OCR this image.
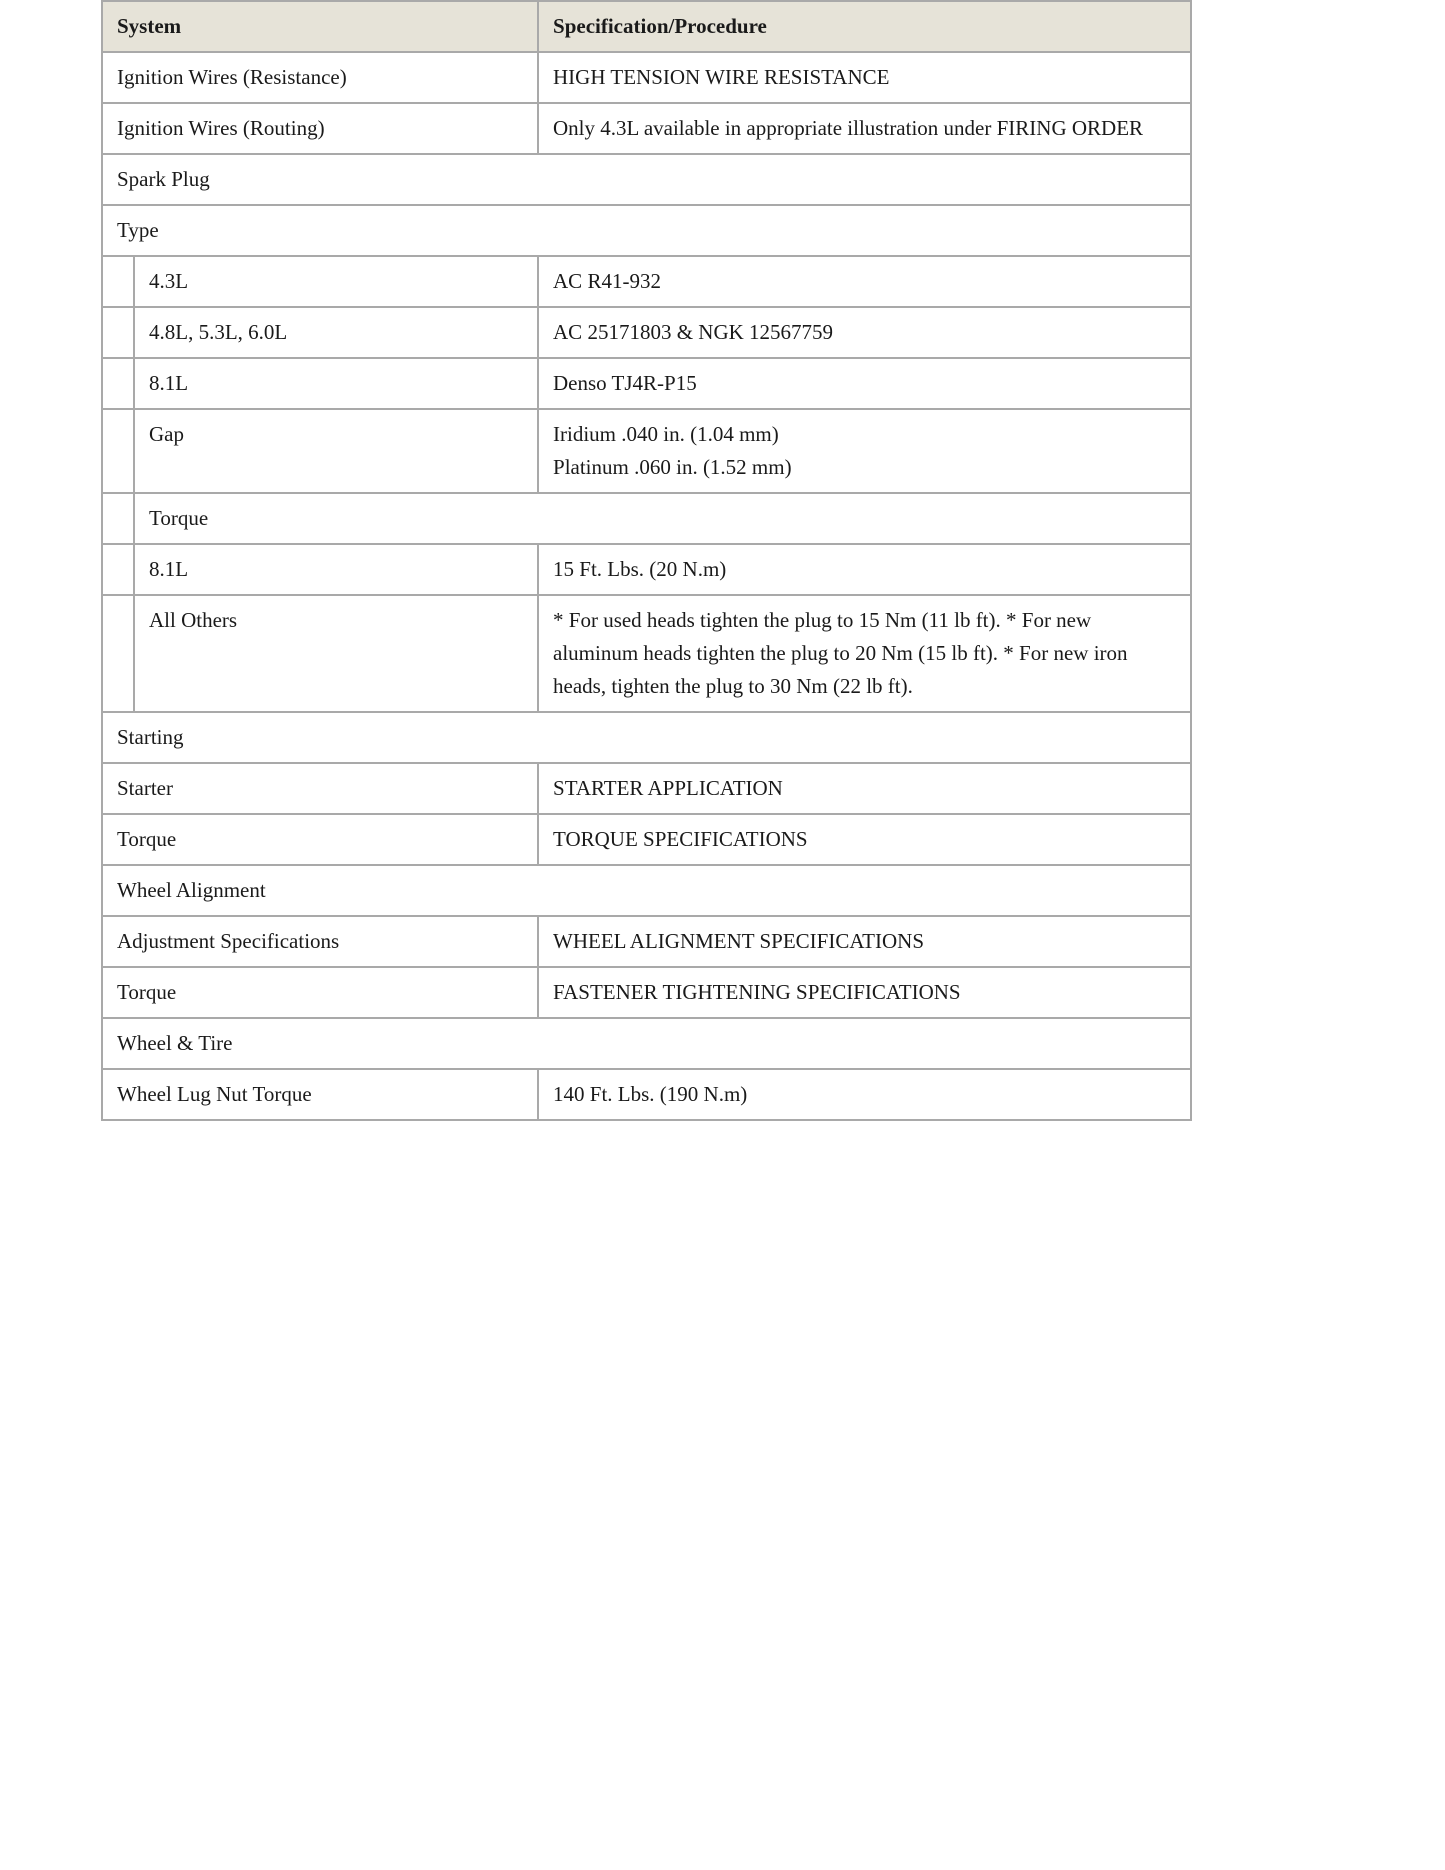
System		Specification/Procedure
Ignition Wires (Resistance)		HIGH TENSION WIRE RESISTANCE
Ignition Wires (Routing)		Only 4.3L available in appropriate illustration under FIRING ORDER
Spark Plug		
Type		
	4.3L	AC R41-932
	4.8L, 5.3L, 6.0L	AC 25171803 & NGK 12567759
	8.1L	Denso TJ4R-P15
	Gap	Iridium .040 in. (1.04 mm)
Platinum .060 in. (1.52 mm)

	Torque	
	8.1L	15 Ft. Lbs. (20 N.m)
	All Others	* For used heads tighten the plug to 15 Nm (11 lb ft). * For new aluminum heads tighten the plug to 20 Nm (15 lb ft). * For new iron heads, tighten the plug to 30 Nm (22 lb ft).
Starting		
Starter		STARTER APPLICATION
Torque		TORQUE SPECIFICATIONS
Wheel Alignment		
Adjustment Specifications		WHEEL ALIGNMENT SPECIFICATIONS
Torque		FASTENER TIGHTENING SPECIFICATIONS
Wheel & Tire		
Wheel Lug Nut Torque		140 Ft. Lbs. (190 N.m)
